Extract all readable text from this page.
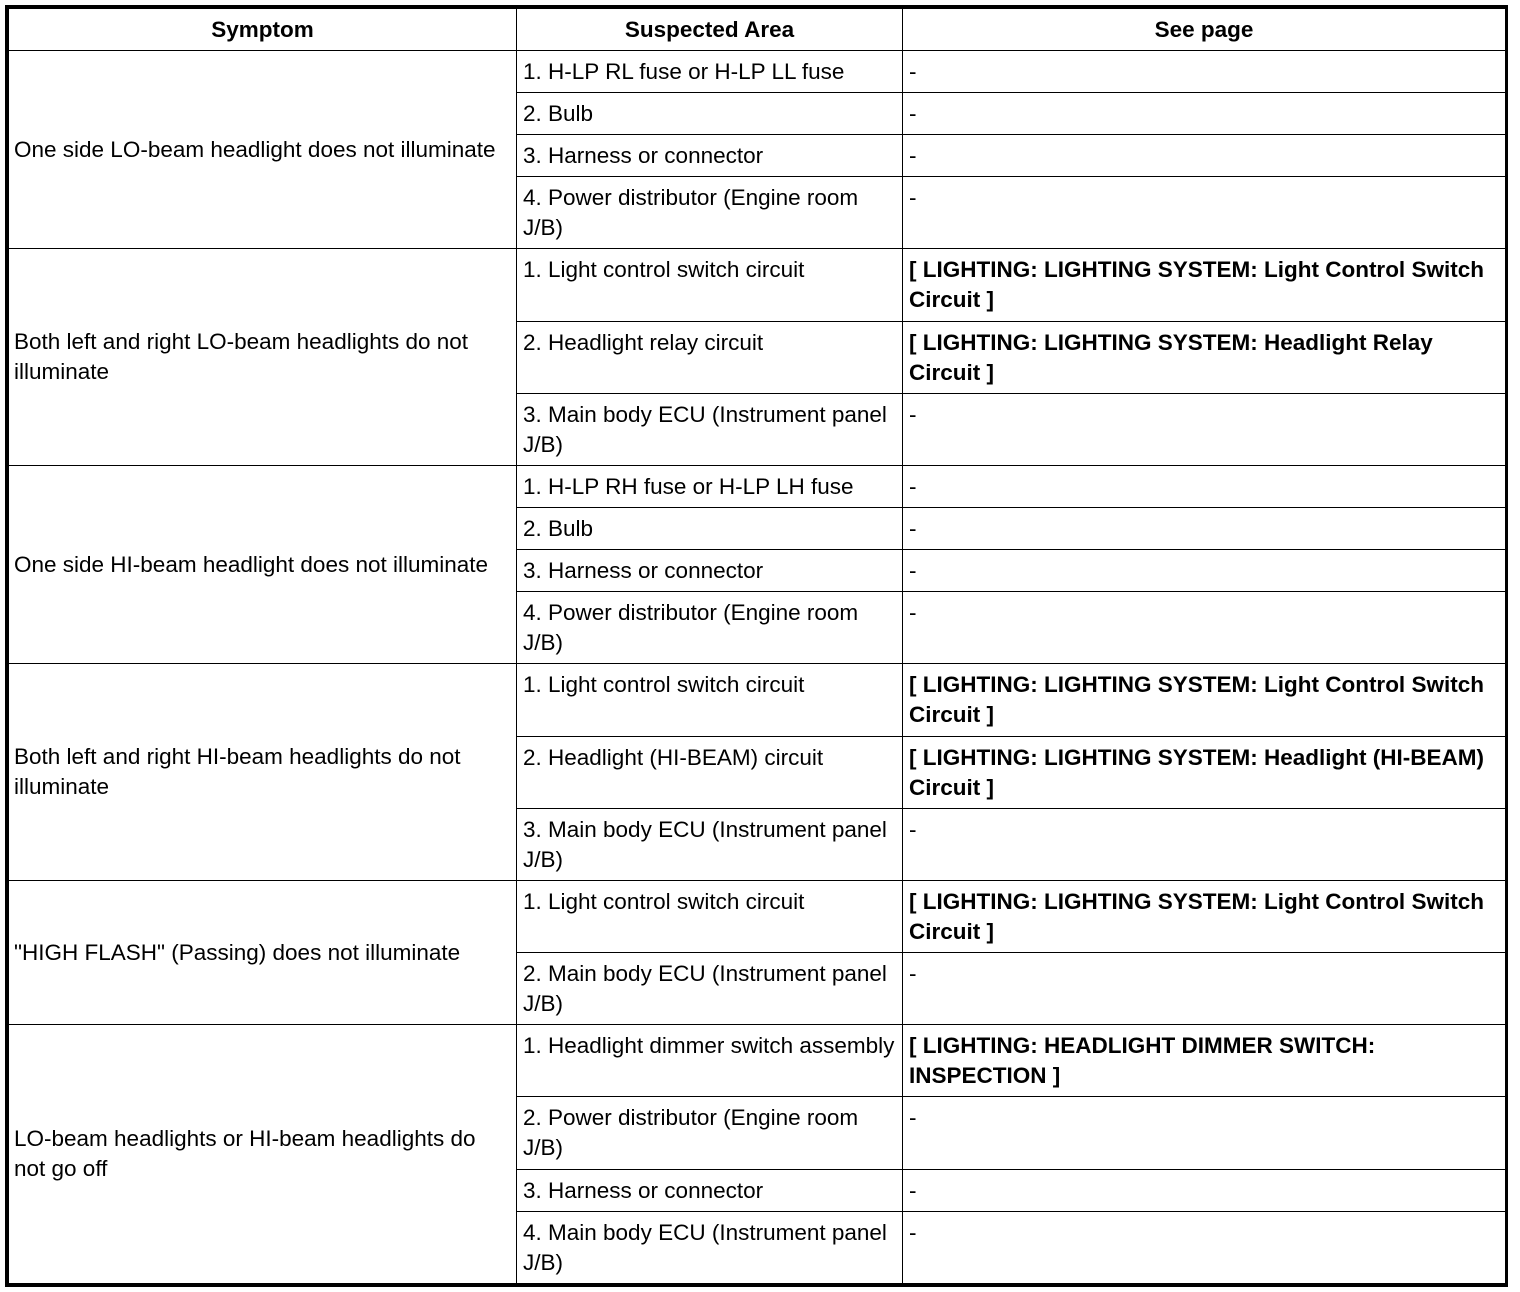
Symptom	Suspected Area	See page
One side LO-beam headlight does not illuminate	1. H-LP RL fuse or H-LP LL fuse	-
	2. Bulb	-
	3. Harness or connector	-
	4. Power distributor (Engine room J/B)	-
Both left and right LO-beam headlights do not illuminate	1. Light control switch circuit	[ LIGHTING: LIGHTING SYSTEM: Light Control Switch Circuit ]
	2. Headlight relay circuit	[ LIGHTING: LIGHTING SYSTEM: Headlight Relay Circuit ]
	3. Main body ECU (Instrument panel J/B)	-
One side HI-beam headlight does not illuminate	1. H-LP RH fuse or H-LP LH fuse	-
	2. Bulb	-
	3. Harness or connector	-
	4. Power distributor (Engine room J/B)	-
Both left and right HI-beam headlights do not illuminate	1. Light control switch circuit	[ LIGHTING: LIGHTING SYSTEM: Light Control Switch Circuit ]
	2. Headlight (HI-BEAM) circuit	[ LIGHTING: LIGHTING SYSTEM: Headlight (HI-BEAM) Circuit ]
	3. Main body ECU (Instrument panel J/B)	-
"HIGH FLASH" (Passing) does not illuminate	1. Light control switch circuit	[ LIGHTING: LIGHTING SYSTEM: Light Control Switch Circuit ]
	2. Main body ECU (Instrument panel J/B)	-
LO-beam headlights or HI-beam headlights do not go off	1. Headlight dimmer switch assembly	[ LIGHTING: HEADLIGHT DIMMER SWITCH: INSPECTION ]
	2. Power distributor (Engine room J/B)	-
	3. Harness or connector	-
	4. Main body ECU (Instrument panel J/B)	-
